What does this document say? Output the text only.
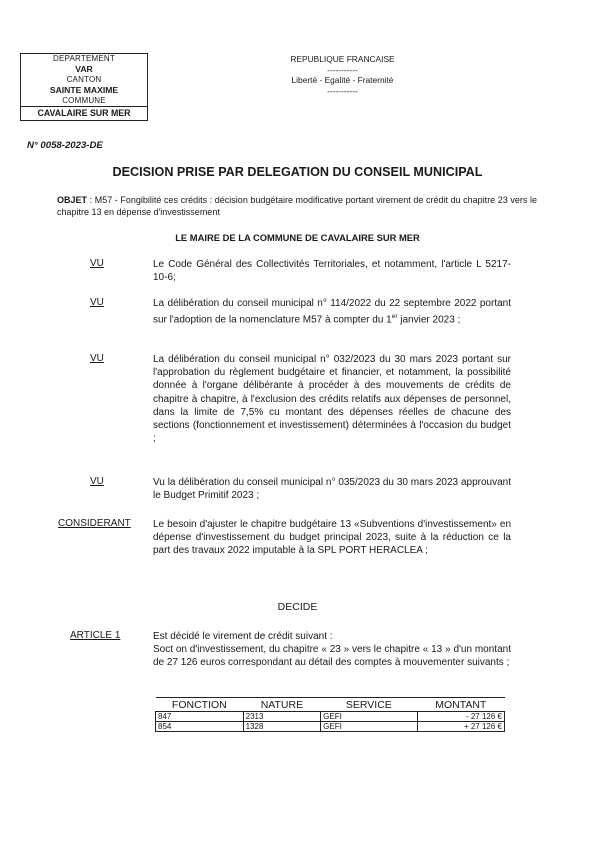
DEPARTEMENT
VAR
CANTON
SAINTE MAXIME
COMMUNE
CAVALAIRE SUR MER
REPUBLIQUE FRANCAISE
-----------
Liberté - Egalité - Fraternité
-----------
N° 0058-2023-DE
DECISION PRISE PAR DELEGATION DU CONSEIL MUNICIPAL
OBJET : M57 - Fongibilité ces crédits : décision budgétaire modificative portant virement de crédit du chapitre 23 vers le chapitre 13 en dépense d'investissement
LE MAIRE DE LA COMMUNE DE CAVALAIRE SUR MER
VU	Le Code Général des Collectivités Territoriales, et notamment, l'article L 5217-10-6;
VU	La délibération du conseil municipal n° 114/2022 du 22 septembre 2022 portant sur l'adoption de la nomenclature M57 à compter du 1er janvier 2023 ;
VU	La délibération du conseil municipal n° 032/2023 du 30 mars 2023 portant sur l'approbation du règlement budgétaire et financier, et notamment, la possibilité donnée à l'organe délibérante à procéder à des mouvements de crédits de chapitre à chapitre, à l'exclusion des crédits relatifs aux dépenses de personnel, dans la limite de 7,5% cu montant des dépenses réelles de chacune des sections (fonctionnement et investissement) déterminées à l'occasion du budget ;
VU	Vu la délibération du conseil municipal n° 035/2023 du 30 mars 2023 approuvant le Budget Primitif 2023 ;
CONSIDERANT Le besoin d'ajuster le chapitre budgétaire 13 «Subventions d'investissement» en dépense d'investissement du budget principal 2023, suite à la réduction ce la part des travaux 2022 imputable à la SPL PORT HERACLEA ;
DECIDE
ARTICLE 1	Est décidé le virement de crédit suivant :
Soct on d'investissement, du chapitre « 23 » vers le chapitre « 13 » d'un montant de 27 126 euros correspondant au détail des comptes à mouvementer suivants ;
FONCTION	NATURE	SERVICE	MONTANT
847	2313	GEFI	- 27 126 €
854	1328	GEFI	+ 27 126 €
